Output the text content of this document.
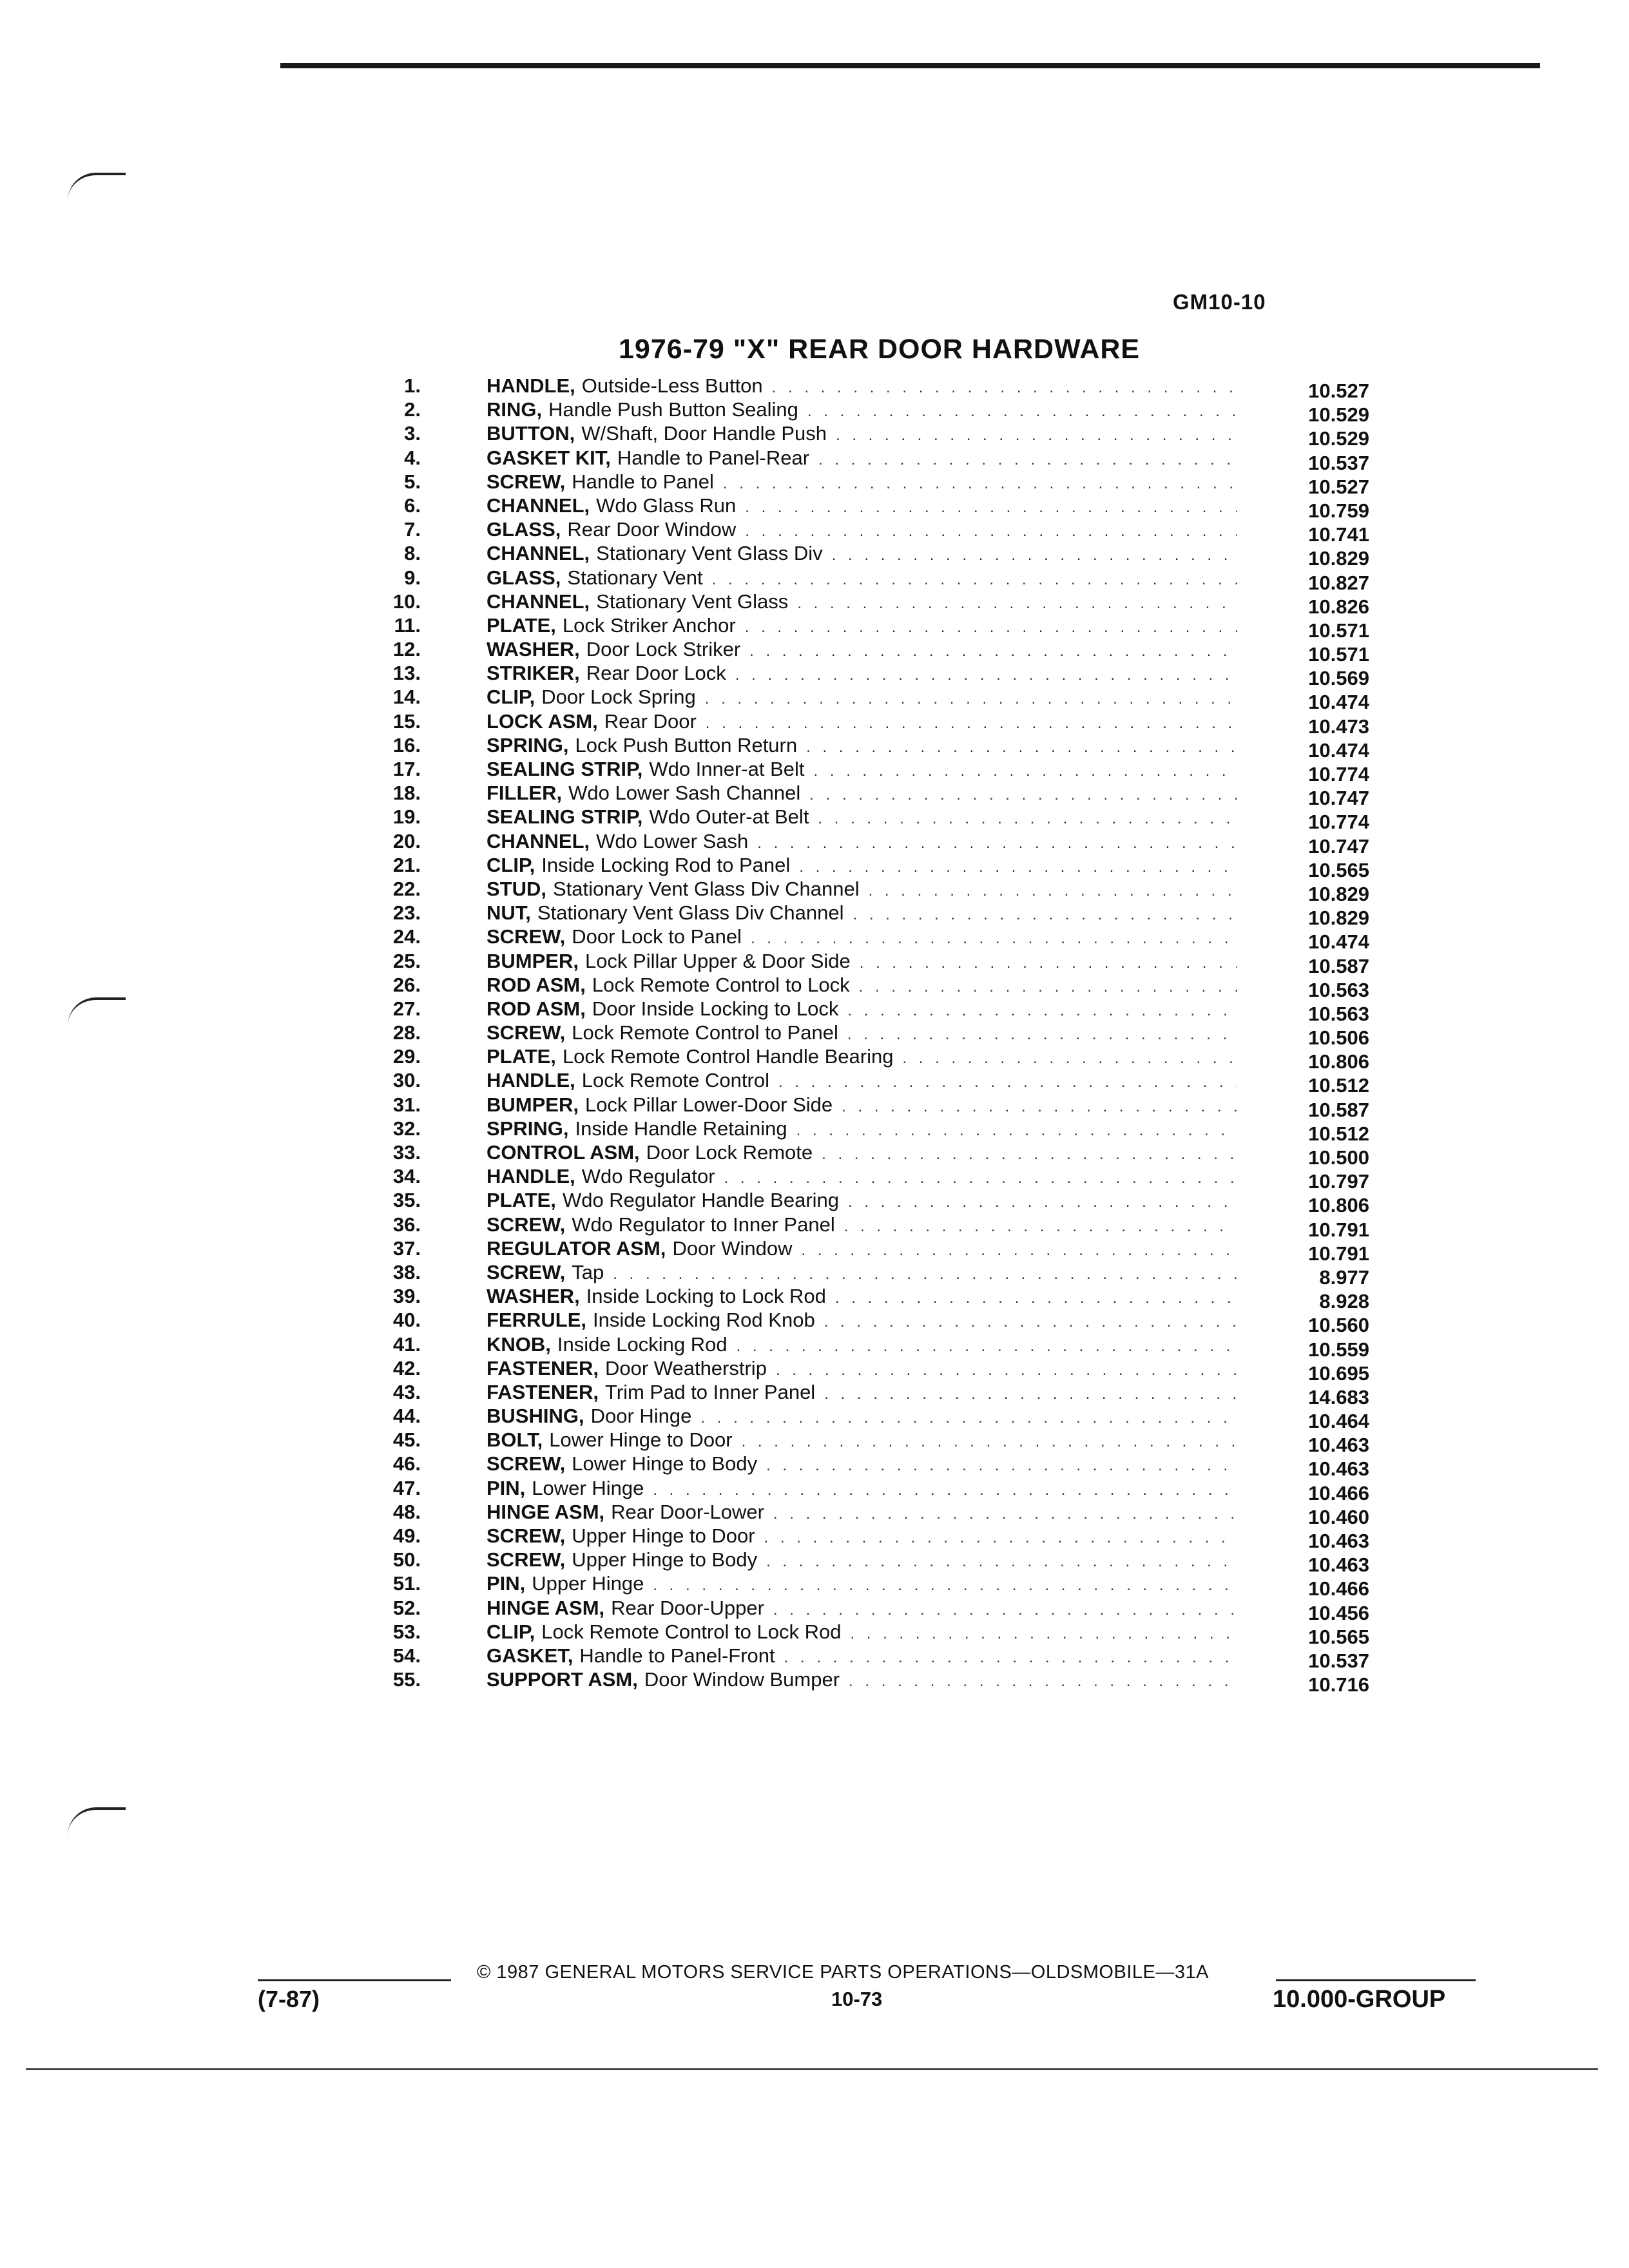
GM10-10
1976-79 "X" REAR DOOR HARDWARE
1.	HANDLE, Outside-Less Button . . .	10.527
2.	RING, Handle Push Button Sealing . . .	10.529
3.	BUTTON, W/Shaft, Door Handle Push . . .	10.529
4.	GASKET KIT, Handle to Panel-Rear . . .	10.537
5.	SCREW, Handle to Panel . . .	10.527
6.	CHANNEL, Wdo Glass Run . . .	10.759
7.	GLASS, Rear Door Window . . .	10.741
8.	CHANNEL, Stationary Vent Glass Div . . .	10.829
9.	GLASS, Stationary Vent . . .	10.827
10.	CHANNEL, Stationary Vent Glass . . .	10.826
11.	PLATE, Lock Striker Anchor . . .	10.571
12.	WASHER, Door Lock Striker . . .	10.571
13.	STRIKER, Rear Door Lock . . .	10.569
14.	CLIP, Door Lock Spring . . .	10.474
15.	LOCK ASM, Rear Door . . .	10.473
16.	SPRING, Lock Push Button Return . . .	10.474
17.	SEALING STRIP, Wdo Inner-at Belt . . .	10.774
18.	FILLER, Wdo Lower Sash Channel . . .	10.747
19.	SEALING STRIP, Wdo Outer-at Belt . . .	10.774
20.	CHANNEL, Wdo Lower Sash . . .	10.747
21.	CLIP, Inside Locking Rod to Panel . . .	10.565
22.	STUD, Stationary Vent Glass Div Channel . . .	10.829
23.	NUT, Stationary Vent Glass Div Channel . . .	10.829
24.	SCREW, Door Lock to Panel . . .	10.474
25.	BUMPER, Lock Pillar Upper & Door Side . . .	10.587
26.	ROD ASM, Lock Remote Control to Lock . . .	10.563
27.	ROD ASM, Door Inside Locking to Lock . . .	10.563
28.	SCREW, Lock Remote Control to Panel . . .	10.506
29.	PLATE, Lock Remote Control Handle Bearing . . .	10.806
30.	HANDLE, Lock Remote Control . . .	10.512
31.	BUMPER, Lock Pillar Lower-Door Side . . .	10.587
32.	SPRING, Inside Handle Retaining . . .	10.512
33.	CONTROL ASM, Door Lock Remote . . .	10.500
34.	HANDLE, Wdo Regulator . . .	10.797
35.	PLATE, Wdo Regulator Handle Bearing . . .	10.806
36.	SCREW, Wdo Regulator to Inner Panel . . .	10.791
37.	REGULATOR ASM, Door Window . . .	10.791
38.	SCREW, Tap . . .	8.977
39.	WASHER, Inside Locking to Lock Rod . . .	8.928
40.	FERRULE, Inside Locking Rod Knob . . .	10.560
41.	KNOB, Inside Locking Rod . . .	10.559
42.	FASTENER, Door Weatherstrip . . .	10.695
43.	FASTENER, Trim Pad to Inner Panel . . .	14.683
44.	BUSHING, Door Hinge . . .	10.464
45.	BOLT, Lower Hinge to Door . . .	10.463
46.	SCREW, Lower Hinge to Body . . .	10.463
47.	PIN, Lower Hinge . . .	10.466
48.	HINGE ASM, Rear Door-Lower . . .	10.460
49.	SCREW, Upper Hinge to Door . . .	10.463
50.	SCREW, Upper Hinge to Body . . .	10.463
51.	PIN, Upper Hinge . . .	10.466
52.	HINGE ASM, Rear Door-Upper . . .	10.456
53.	CLIP, Lock Remote Control to Lock Rod . . .	10.565
54.	GASKET, Handle to Panel-Front . . .	10.537
55.	SUPPORT ASM, Door Window Bumper . . .	10.716
(7-87)
© 1987 GENERAL MOTORS SERVICE PARTS OPERATIONS—OLDSMOBILE—31A
10-73	10.000-GROUP
